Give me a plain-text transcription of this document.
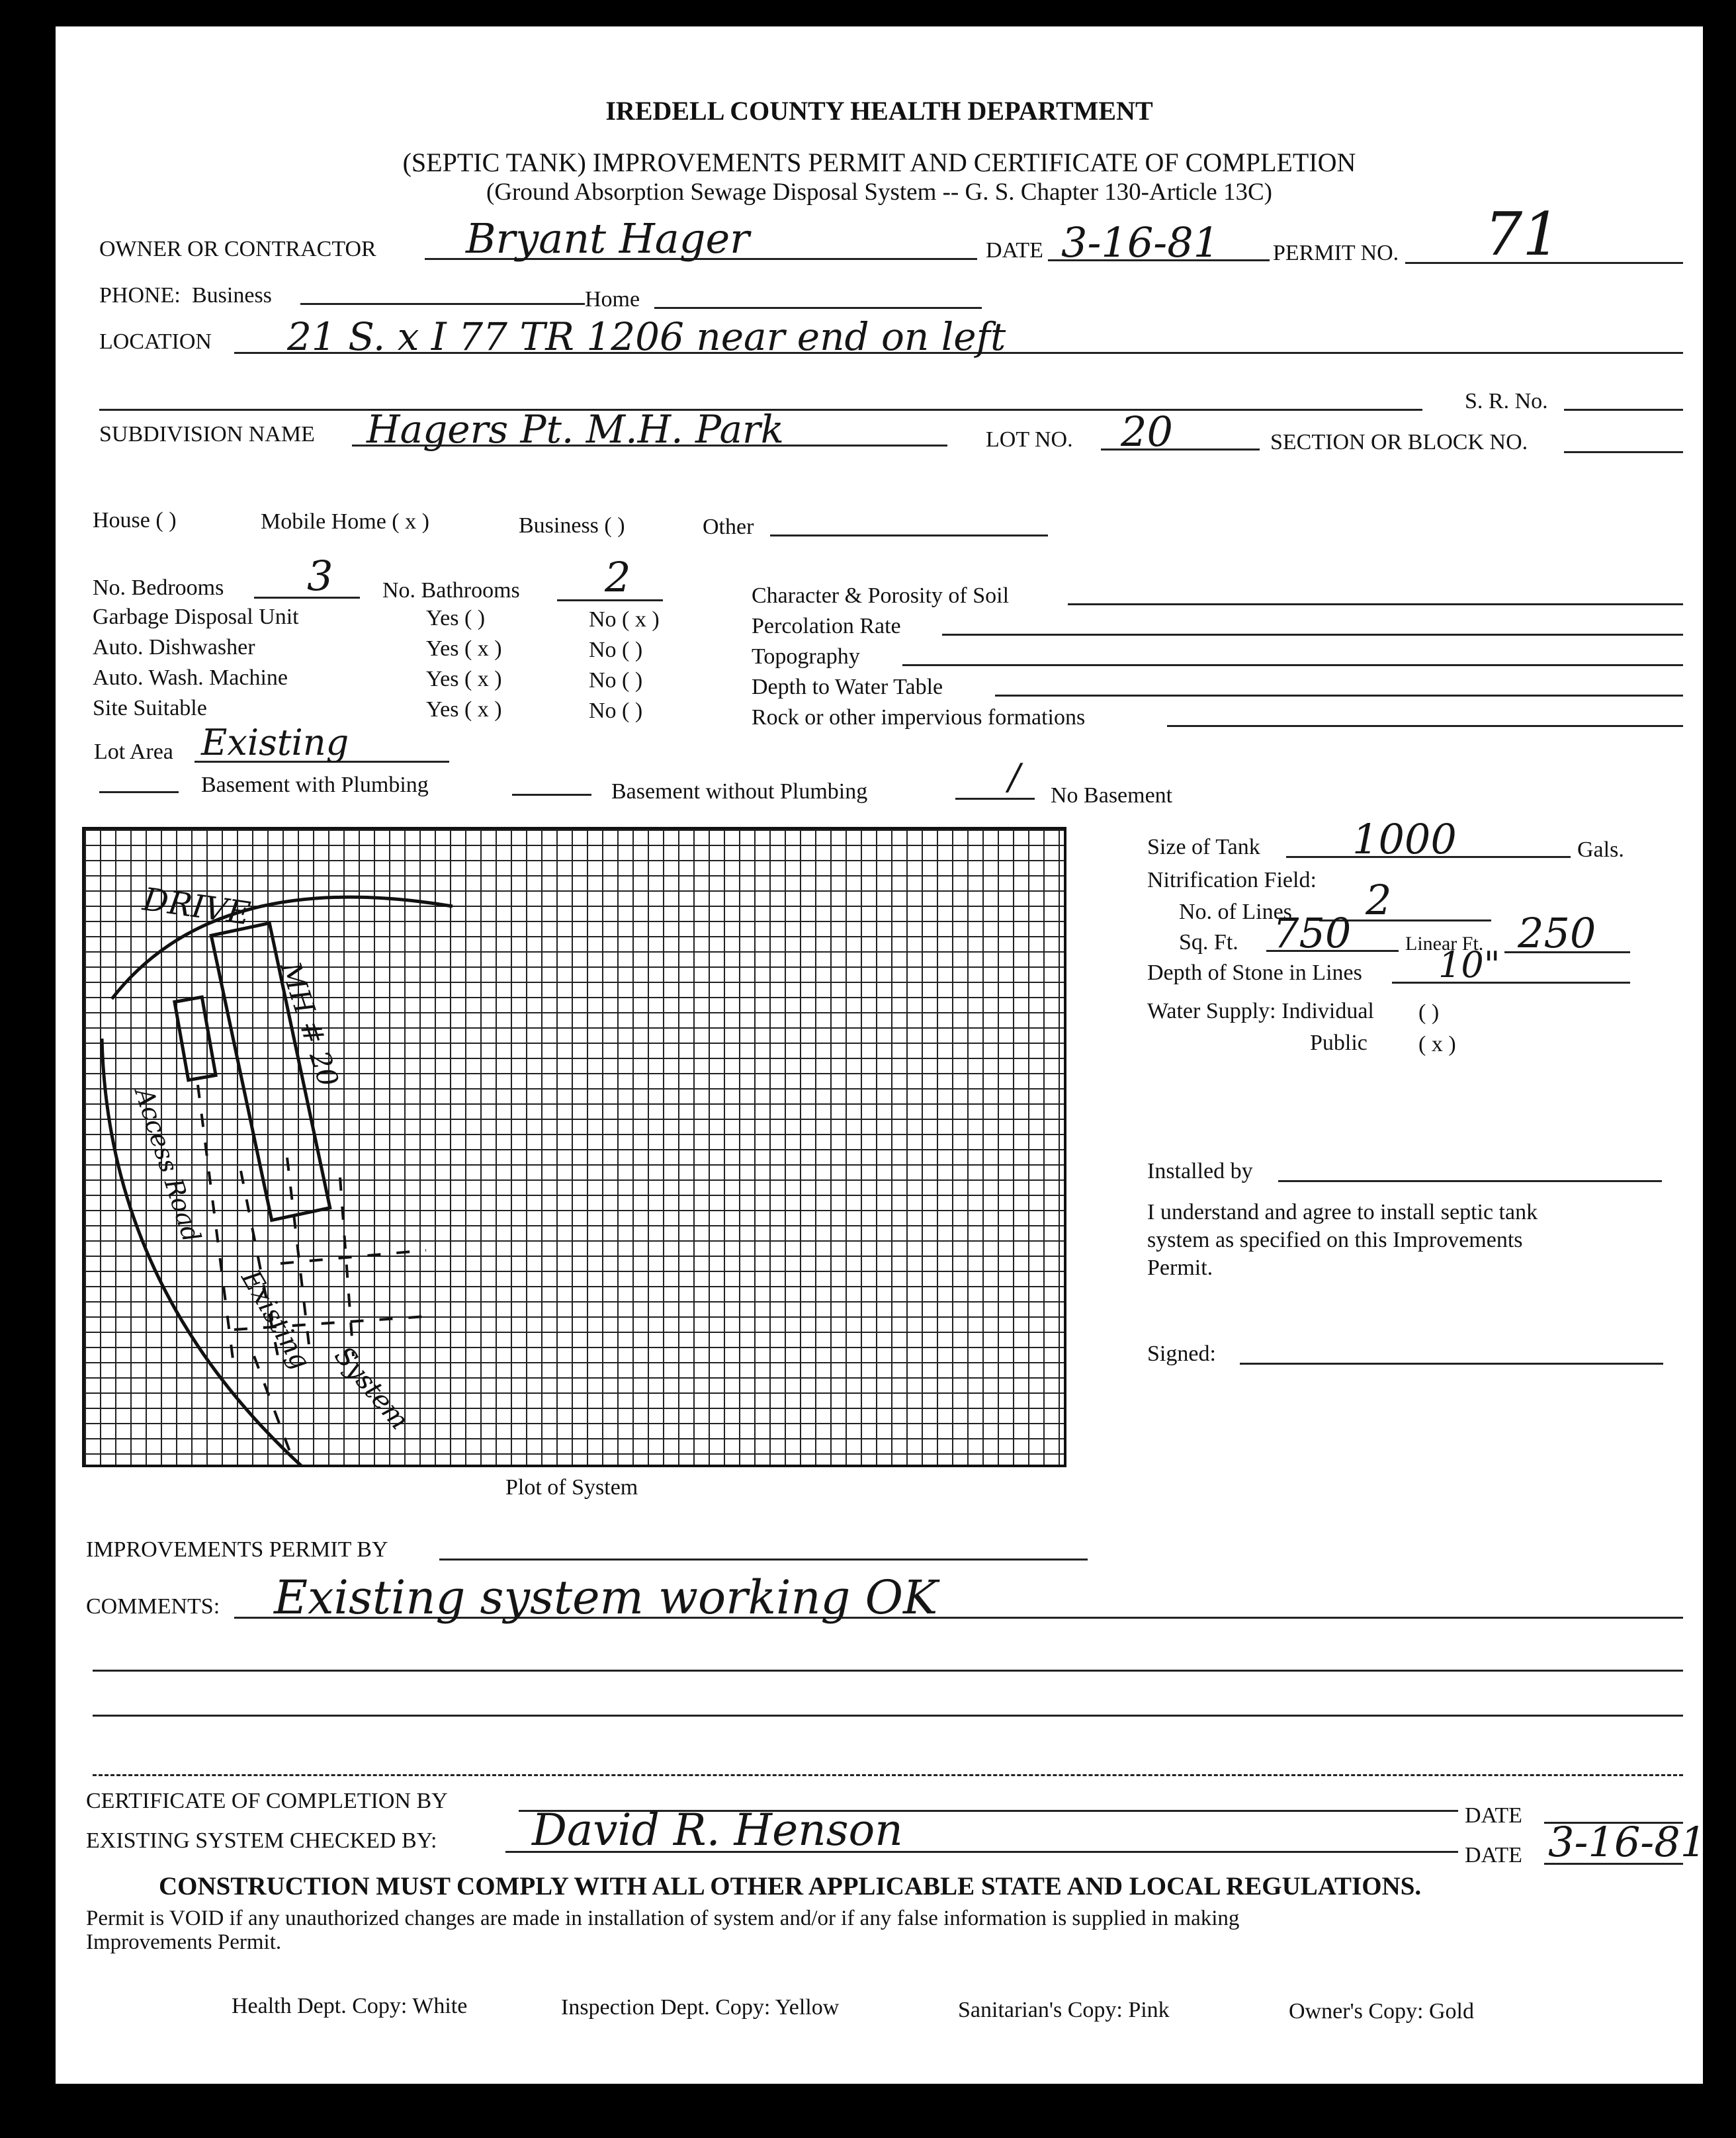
IREDELL COUNTY HEALTH DEPARTMENT
(SEPTIC TANK) IMPROVEMENTS PERMIT AND CERTIFICATE OF COMPLETION
(Ground Absorption Sewage Disposal System -- G. S. Chapter 130-Article 13C)
OWNER OR CONTRACTOR Bryant Hager	DATE 3-16-81 PERMIT NO. 71
PHONE: Business	Home
LOCATION 21 S. x I 77 TR 1206 near end on left
S. R. No.
SUBDIVISION NAME Hagers Pt. M.H. Park	LOT NO. 20	SECTION OR BLOCK NO.
House ( )	Mobile Home ( x )	Business ( )	Other
No. Bedrooms 3 No. Bathrooms 2
Garbage Disposal Unit	Yes ( )	No ( x )
Auto. Dishwasher	Yes ( x )	No ( )
Auto. Wash. Machine	Yes ( x )	No ( )
Site Suitable	Yes ( x )	No ( )
Character & Porosity of Soil
Percolation Rate
Topography
Depth to Water Table
Rock or other impervious formations
Lot Area Existing
Basement with Plumbing	Basement without Plumbing	/ No Basement
DRIVE
MH # 20
Access Road
Existing
System
Plot of System
Size of Tank 1000	Gals.
Nitrification Field:
No. of Lines 2
Sq. Ft. 750	Linear Ft. 250
Depth of Stone in Lines 10"
Water Supply: Individual ( )
Public ( x )
Installed by
I understand and agree to install septic tank
system as specified on this Improvements
Permit.
Signed:
IMPROVEMENTS PERMIT BY
COMMENTS: Existing system working OK
CERTIFICATE OF COMPLETION BY
DATE
EXISTING SYSTEM CHECKED BY: David R. Henson	DATE 3-16-81
CONSTRUCTION MUST COMPLY WITH ALL OTHER APPLICABLE STATE AND LOCAL REGULATIONS.
Permit is VOID if any unauthorized changes are made in installation of system and/or if any false information is supplied in making
Improvements Permit.
Health Dept. Copy: White	Inspection Dept. Copy: Yellow	Sanitarian's Copy: Pink	Owner's Copy: Gold
